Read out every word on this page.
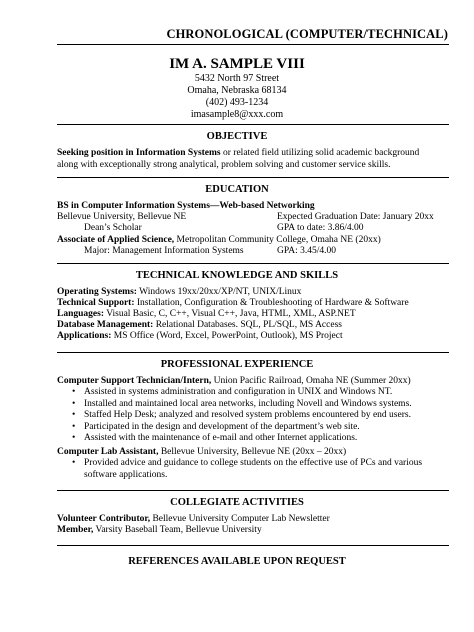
CHRONOLOGICAL (COMPUTER/TECHNICAL)
IM A. SAMPLE VIII
5432 North 97 Street
Omaha, Nebraska 68134
(402) 493-1234
imasample8@xxx.com
OBJECTIVE
Seeking position in Information Systems or related field utilizing solid academic background
along with exceptionally strong analytical, problem solving and customer service skills.
EDUCATION
BS in Computer Information Systems—Web-based Networking
Bellevue University, Bellevue NE	Expected Graduation Date: January 20xx
Dean’s Scholar	GPA to date: 3.86/4.00
Associate of Applied Science, Metropolitan Community College, Omaha NE (20xx)
Major: Management Information Systems	GPA: 3.45/4.00
TECHNICAL KNOWLEDGE AND SKILLS
Operating Systems: Windows 19xx/20xx/XP/NT, UNIX/Linux
Technical Support: Installation, Configuration & Troubleshooting of Hardware & Software
Languages: Visual Basic, C, C++, Visual C++, Java, HTML, XML, ASP.NET
Database Management: Relational Databases. SQL, PL/SQL, MS Access
Applications: MS Office (Word, Excel, PowerPoint, Outlook), MS Project
PROFESSIONAL EXPERIENCE
Computer Support Technician/Intern, Union Pacific Railroad, Omaha NE (Summer 20xx)
• Assisted in systems administration and configuration in UNIX and Windows NT.
• Installed and maintained local area networks, including Novell and Windows systems.
• Staffed Help Desk; analyzed and resolved system problems encountered by end users.
• Participated in the design and development of the department’s web site.
• Assisted with the maintenance of e-mail and other Internet applications.
Computer Lab Assistant, Bellevue University, Bellevue NE (20xx – 20xx)
• Provided advice and guidance to college students on the effective use of PCs and various software applications.
COLLEGIATE ACTIVITIES
Volunteer Contributor, Bellevue University Computer Lab Newsletter
Member, Varsity Baseball Team, Bellevue University
REFERENCES AVAILABLE UPON REQUEST
